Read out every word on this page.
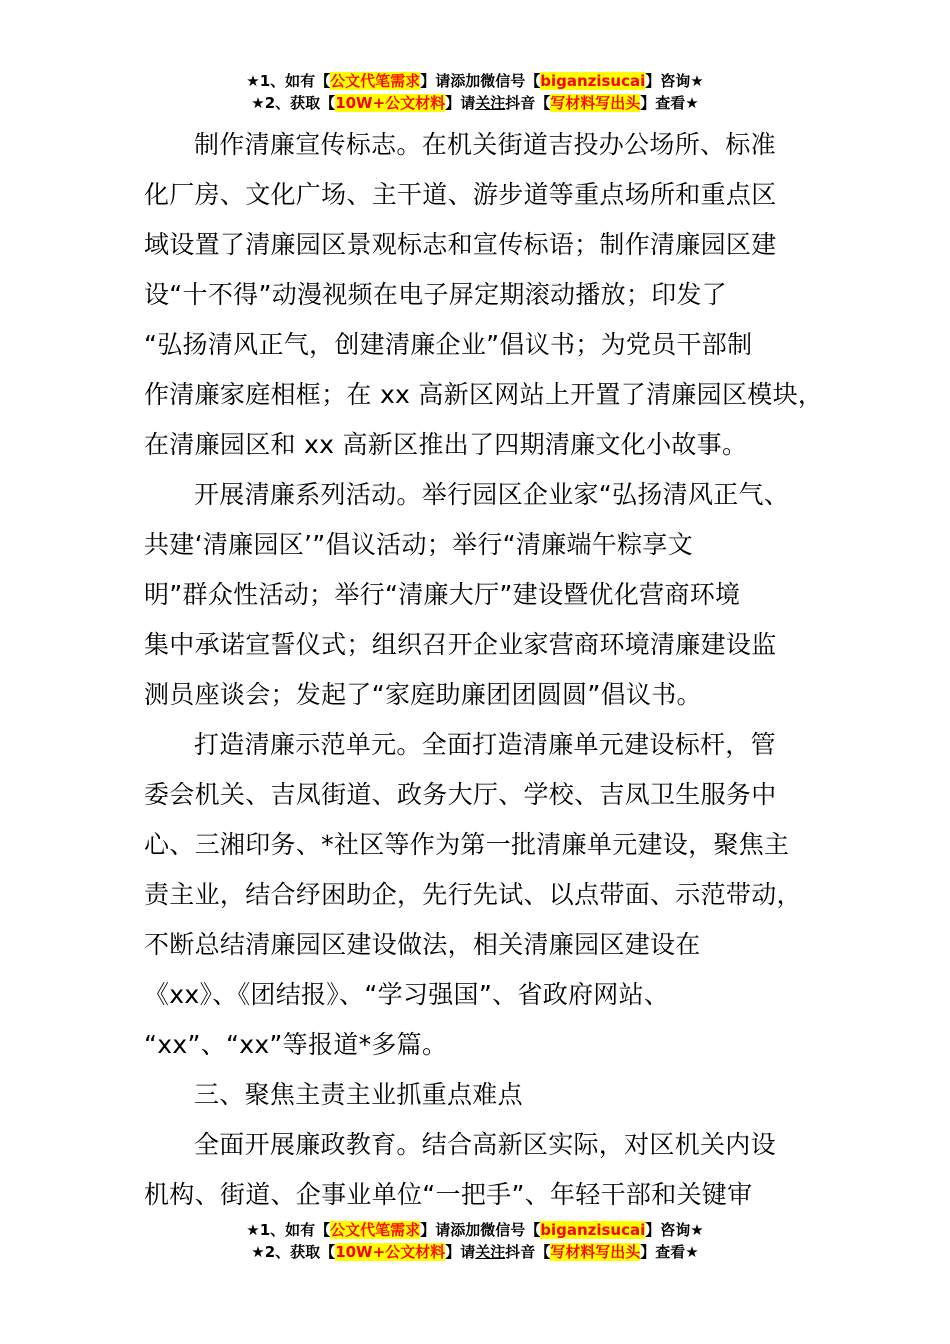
★1、如有【公文代笔需求】请添加微信号【biganzisucai】咨询★
★2、获取【10W+公文材料】请关注抖音【写材料写出头】查看★
制作清廉宣传标志。在机关街道吉投办公场所、标准
化厂房、文化广场、主干道、游步道等重点场所和重点区
域设置了清廉园区景观标志和宣传标语；制作清廉园区建
设“十不得”动漫视频在电子屏定期滚动播放；印发了
“弘扬清风正气，创建清廉企业”倡议书；为党员干部制
作清廉家庭相框；在 xx 高新区网站上开置了清廉园区模块，
在清廉园区和 xx 高新区推出了四期清廉文化小故事。
开展清廉系列活动。举行园区企业家“弘扬清风正气、
共建‘清廉园区’”倡议活动；举行“清廉端午粽享文
明”群众性活动；举行“清廉大厅”建设暨优化营商环境
集中承诺宣誓仪式；组织召开企业家营商环境清廉建设监
测员座谈会；发起了“家庭助廉团团圆圆”倡议书。
打造清廉示范单元。全面打造清廉单元建设标杆，管
委会机关、吉凤街道、政务大厅、学校、吉凤卫生服务中
心、三湘印务、*社区等作为第一批清廉单元建设，聚焦主
责主业，结合纾困助企，先行先试、以点带面、示范带动，
不断总结清廉园区建设做法，相关清廉园区建设在
《xx》、《团结报》、“学习强国”、省政府网站、
“xx”、“xx”等报道*多篇。
三、聚焦主责主业抓重点难点
全面开展廉政教育。结合高新区实际，对区机关内设
机构、街道、企事业单位“一把手”、年轻干部和关键审
★1、如有【公文代笔需求】请添加微信号【biganzisucai】咨询★
★2、获取【10W+公文材料】请关注抖音【写材料写出头】查看★
